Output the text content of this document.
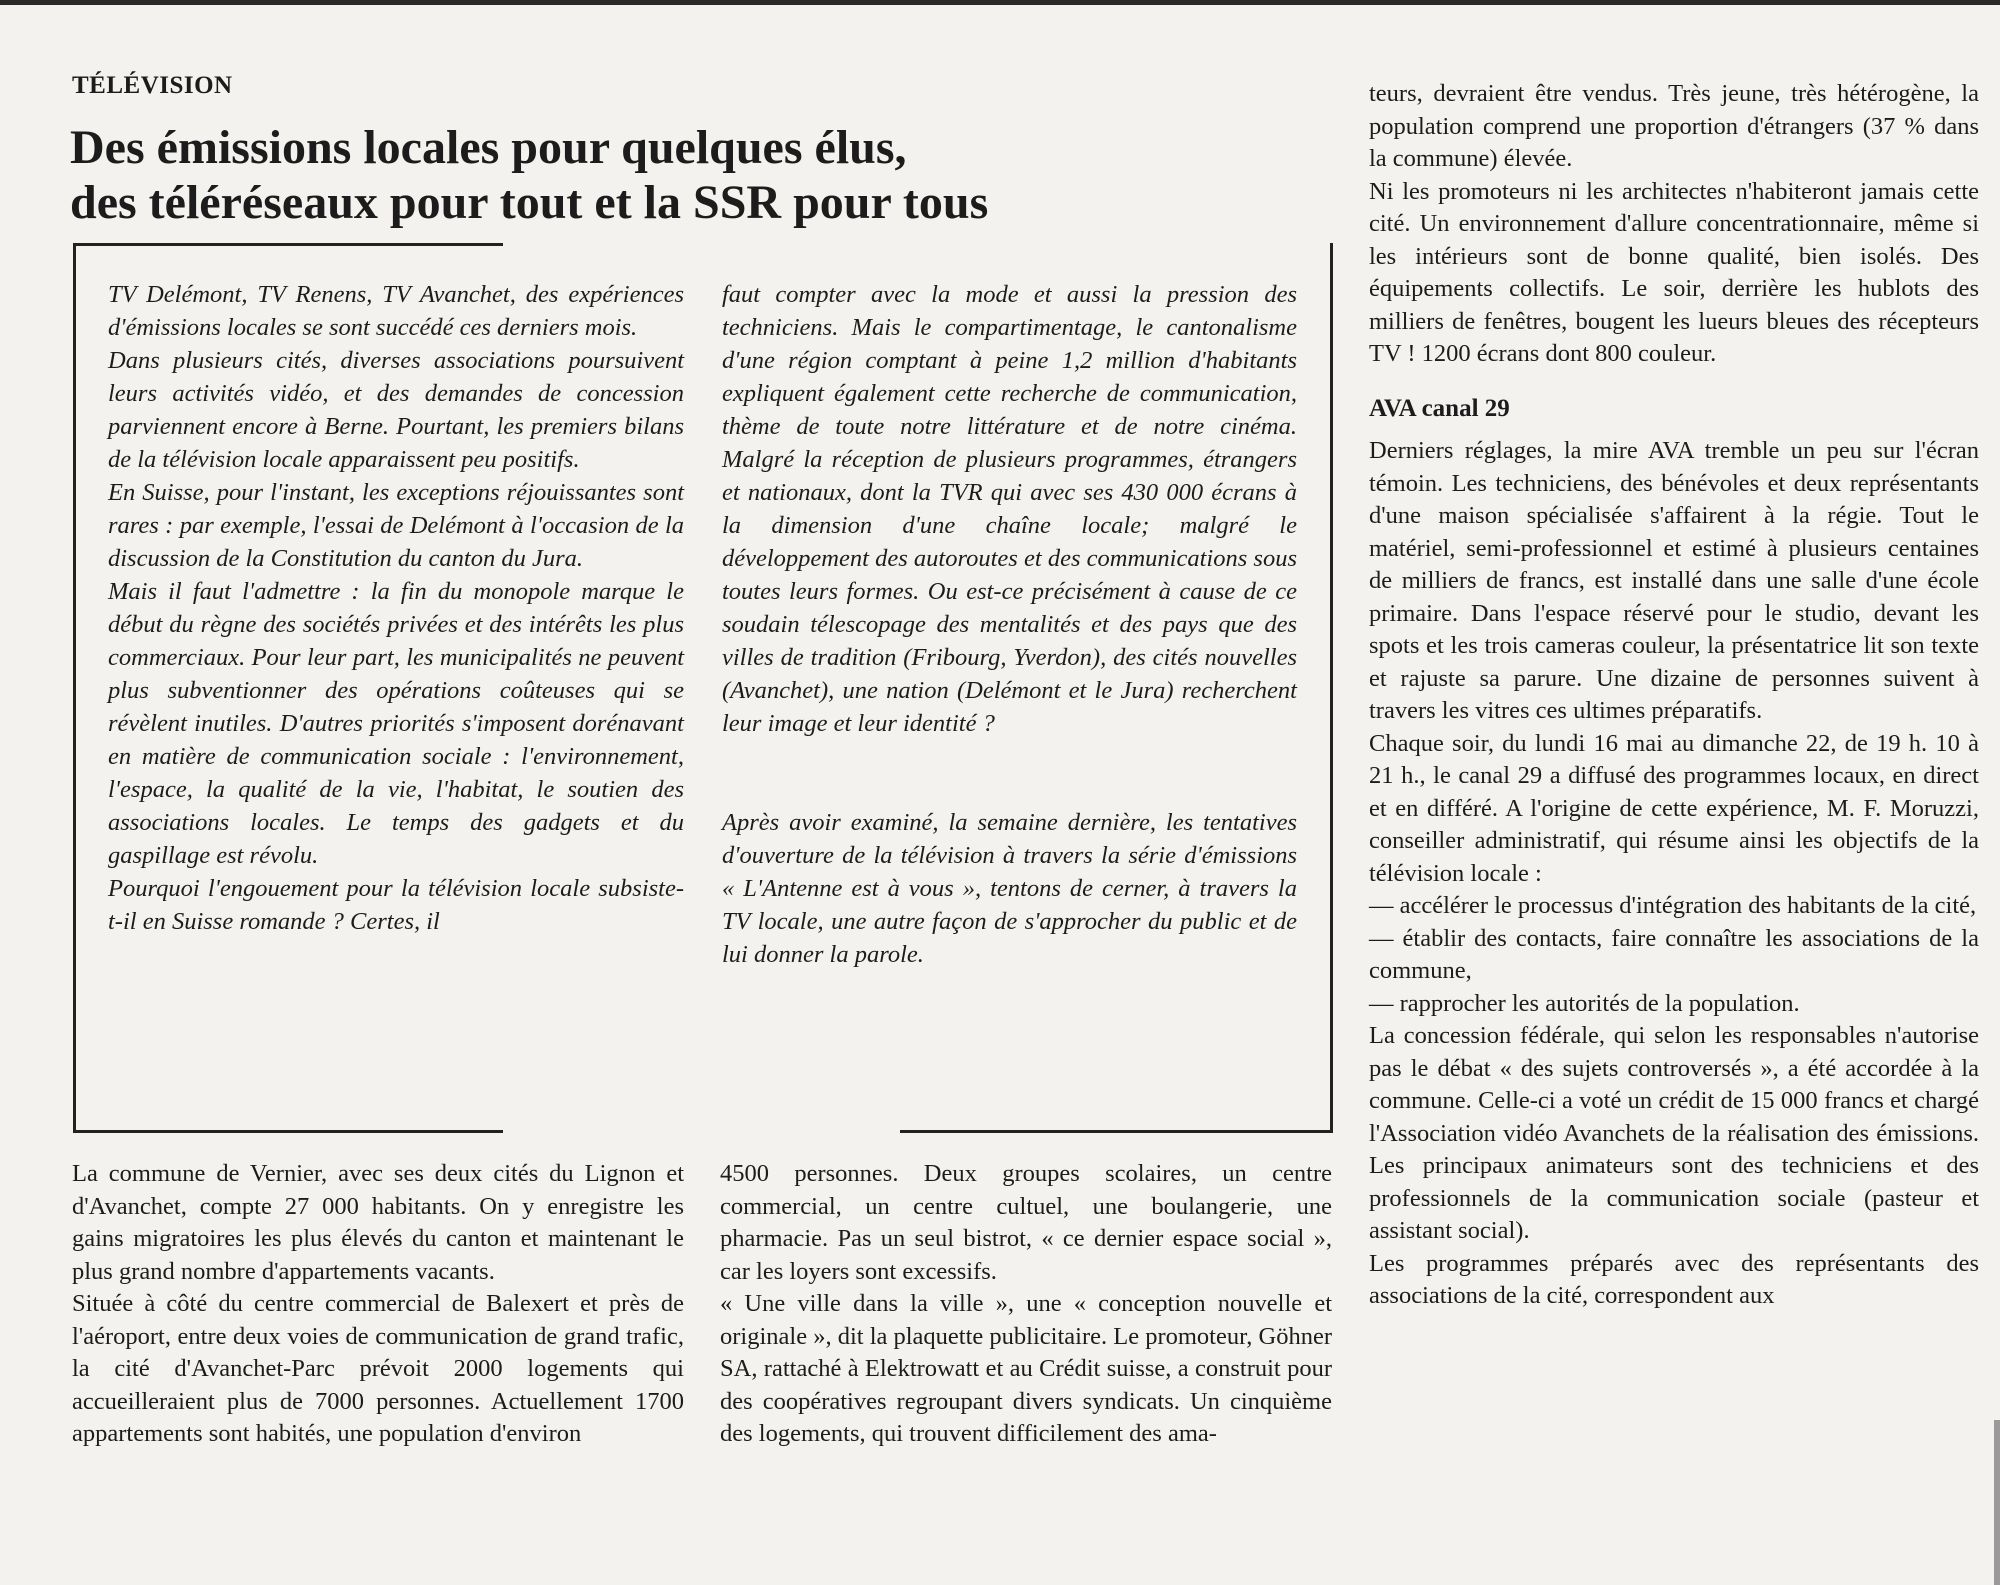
TÉLÉVISION
Des émissions locales pour quelques élus,
des téléréseaux pour tout et la SSR pour tous

TV Delémont, TV Renens, TV Avanchet, des expériences d'émissions locales se sont succédé ces derniers mois.

Dans plusieurs cités, diverses associations poursuivent leurs activités vidéo, et des demandes de concession parviennent encore à Berne. Pourtant, les premiers bilans de la télévision locale apparaissent peu positifs.

En Suisse, pour l'instant, les exceptions réjouissantes sont rares : par exemple, l'essai de Delémont à l'occasion de la discussion de la Constitution du canton du Jura.

Mais il faut l'admettre : la fin du monopole marque le début du règne des sociétés privées et des intérêts les plus commerciaux. Pour leur part, les municipalités ne peuvent plus subventionner des opérations coûteuses qui se révèlent inutiles. D'autres priorités s'imposent dorénavant en matière de communication sociale : l'environnement, l'espace, la qualité de la vie, l'habitat, le soutien des associations locales. Le temps des gadgets et du gaspillage est révolu.

Pourquoi l'engouement pour la télévision locale subsiste-t-il en Suisse romande ? Certes, il

faut compter avec la mode et aussi la pression des techniciens. Mais le compartimentage, le cantonalisme d'une région comptant à peine 1,2 million d'habitants expliquent également cette recherche de communication, thème de toute notre littérature et de notre cinéma. Malgré la réception de plusieurs programmes, étrangers et nationaux, dont la TVR qui avec ses 430 000 écrans à la dimension d'une chaîne locale; malgré le développement des autoroutes et des communications sous toutes leurs formes. Ou est-ce précisément à cause de ce soudain télescopage des mentalités et des pays que des villes de tradition (Fribourg, Yverdon), des cités nouvelles (Avanchet), une nation (Delémont et le Jura) recherchent leur image et leur identité ?

Après avoir examiné, la semaine dernière, les tentatives d'ouverture de la télévision à travers la série d'émissions « L'Antenne est à vous », tentons de cerner, à travers la TV locale, une autre façon de s'approcher du public et de lui donner la parole.

La commune de Vernier, avec ses deux cités du Lignon et d'Avanchet, compte 27 000 habitants. On y enregistre les gains migratoires les plus élevés du canton et maintenant le plus grand nombre d'appartements vacants.

Située à côté du centre commercial de Balexert et près de l'aéroport, entre deux voies de communication de grand trafic, la cité d'Avanchet-Parc prévoit 2000 logements qui accueilleraient plus de 7000 personnes. Actuellement 1700 appartements sont habités, une population d'environ

4500 personnes. Deux groupes scolaires, un centre commercial, un centre cultuel, une boulangerie, une pharmacie. Pas un seul bistrot, « ce dernier espace social », car les loyers sont excessifs.

« Une ville dans la ville », une « conception nouvelle et originale », dit la plaquette publicitaire. Le promoteur, Göhner SA, rattaché à Elektrowatt et au Crédit suisse, a construit pour des coopératives regroupant divers syndicats. Un cinquième des logements, qui trouvent difficilement des ama-

teurs, devraient être vendus. Très jeune, très hétérogène, la population comprend une proportion d'étrangers (37 % dans la commune) élevée.

Ni les promoteurs ni les architectes n'habiteront jamais cette cité. Un environnement d'allure concentrationnaire, même si les intérieurs sont de bonne qualité, bien isolés. Des équipements collectifs. Le soir, derrière les hublots des milliers de fenêtres, bougent les lueurs bleues des récepteurs TV ! 1200 écrans dont 800 couleur.

AVA canal 29

Derniers réglages, la mire AVA tremble un peu sur l'écran témoin. Les techniciens, des bénévoles et deux représentants d'une maison spécialisée s'affairent à la régie. Tout le matériel, semi-professionnel et estimé à plusieurs centaines de milliers de francs, est installé dans une salle d'une école primaire. Dans l'espace réservé pour le studio, devant les spots et les trois cameras couleur, la présentatrice lit son texte et rajuste sa parure. Une dizaine de personnes suivent à travers les vitres ces ultimes préparatifs.

Chaque soir, du lundi 16 mai au dimanche 22, de 19 h. 10 à 21 h., le canal 29 a diffusé des programmes locaux, en direct et en différé. A l'origine de cette expérience, M. F. Moruzzi, conseiller administratif, qui résume ainsi les objectifs de la télévision locale :

— accélérer le processus d'intégration des habitants de la cité,

— établir des contacts, faire connaître les associations de la commune,

— rapprocher les autorités de la population.

La concession fédérale, qui selon les responsables n'autorise pas le débat « des sujets controversés », a été accordée à la commune. Celle-ci a voté un crédit de 15 000 francs et chargé l'Association vidéo Avanchets de la réalisation des émissions. Les principaux animateurs sont des techniciens et des professionnels de la communication sociale (pasteur et assistant social).

Les programmes préparés avec des représentants des associations de la cité, correspondent aux
